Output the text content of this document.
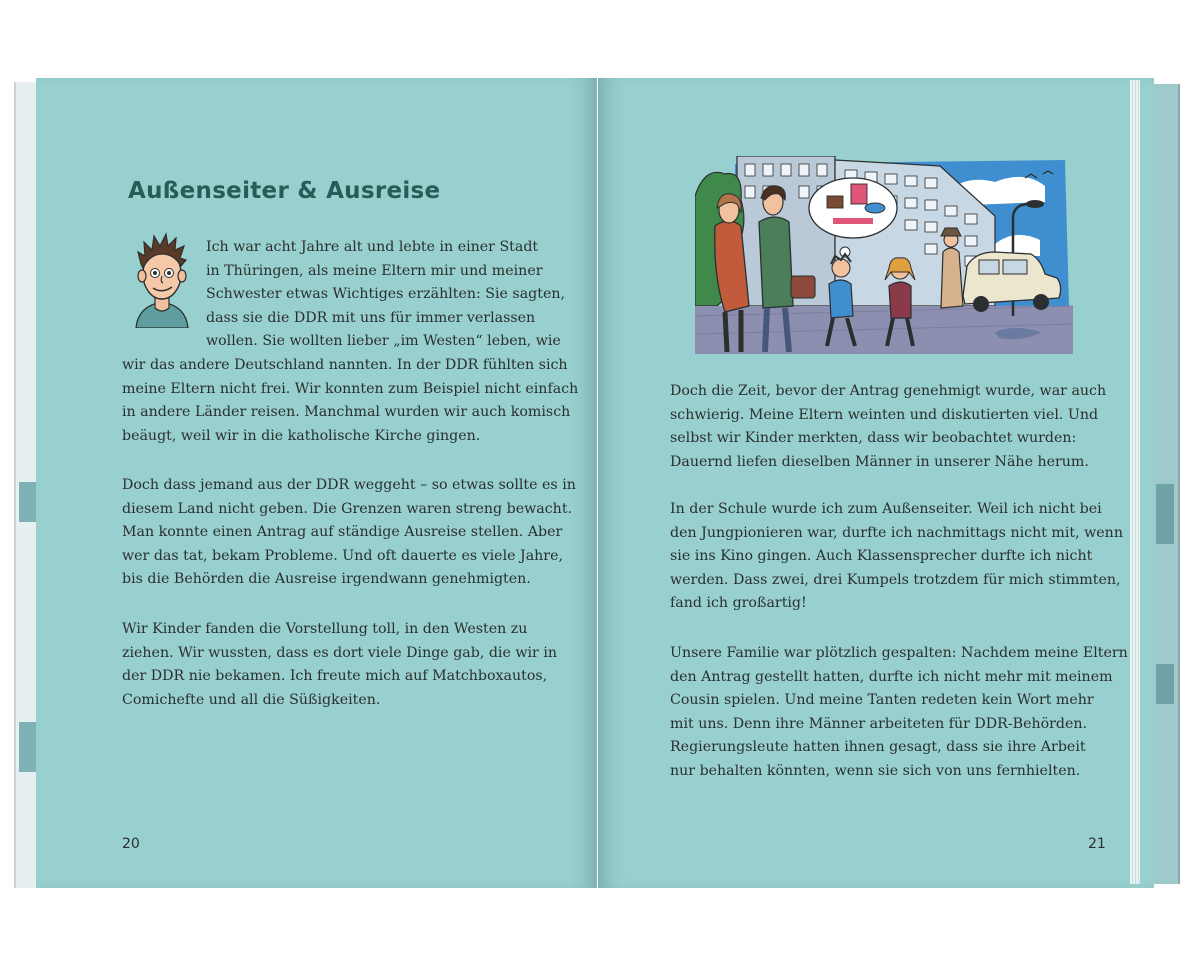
Außenseiter & Ausreise

Ich war acht Jahre alt und lebte in einer Stadt
in Thüringen, als meine Eltern mir und meiner
Schwester etwas Wichtiges erzählten: Sie sagten,
dass sie die DDR mit uns für immer verlassen
wollen. Sie wollten lieber „im Westen“ leben, wie

wir das andere Deutschland nannten. In der DDR fühlten sich
meine Eltern nicht frei. Wir konnten zum Beispiel nicht einfach
in andere Länder reisen. Manchmal wurden wir auch komisch
beäugt, weil wir in die katholische Kirche gingen.

Doch dass jemand aus der DDR weggeht – so etwas sollte es in
diesem Land nicht geben. Die Grenzen waren streng bewacht.
Man konnte einen Antrag auf ständige Ausreise stellen. Aber
wer das tat, bekam Probleme. Und oft dauerte es viele Jahre,
bis die Behörden die Ausreise irgendwann genehmigten.

Wir Kinder fanden die Vorstellung toll, in den Westen zu
ziehen. Wir wussten, dass es dort viele Dinge gab, die wir in
der DDR nie bekamen. Ich freute mich auf Matchboxautos,
Comichefte und all die Süßigkeiten.

20

Doch die Zeit, bevor der Antrag genehmigt wurde, war auch
schwierig. Meine Eltern weinten und diskutierten viel. Und
selbst wir Kinder merkten, dass wir beobachtet wurden:
Dauernd liefen dieselben Männer in unserer Nähe herum.

In der Schule wurde ich zum Außenseiter. Weil ich nicht bei
den Jungpionieren war, durfte ich nachmittags nicht mit, wenn
sie ins Kino gingen. Auch Klassensprecher durfte ich nicht
werden. Dass zwei, drei Kumpels trotzdem für mich stimmten,
fand ich großartig!

Unsere Familie war plötzlich gespalten: Nachdem meine Eltern
den Antrag gestellt hatten, durfte ich nicht mehr mit meinem
Cousin spielen. Und meine Tanten redeten kein Wort mehr
mit uns. Denn ihre Männer arbeiteten für DDR-Behörden.
Regierungsleute hatten ihnen gesagt, dass sie ihre Arbeit
nur behalten könnten, wenn sie sich von uns fernhielten.

21
